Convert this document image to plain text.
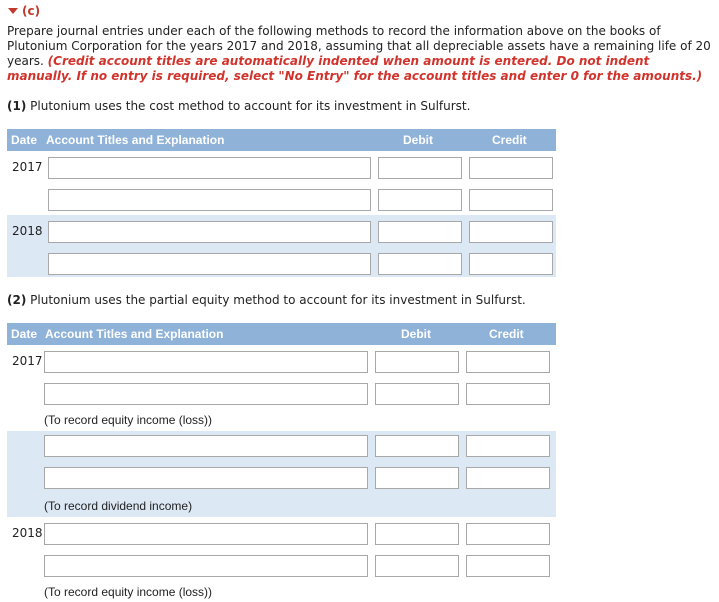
(c)
Prepare journal entries under each of the following methods to record the information above on the books of Plutonium Corporation for the years 2017 and 2018, assuming that all depreciable assets have a remaining life of 20 years. (Credit account titles are automatically indented when amount is entered. Do not indent manually. If no entry is required, select "No Entry" for the account titles and enter 0 for the amounts.)
(1) Plutonium uses the cost method to account for its investment in Sulfurst.
Date Account Titles and Explanation	Debit	Credit
2017
2018
(2) Plutonium uses the partial equity method to account for its investment in Sulfurst.
Date Account Titles and Explanation	Debit	Credit
2017
(To record equity income (loss))
(To record dividend income)
2018
(To record equity income (loss))
